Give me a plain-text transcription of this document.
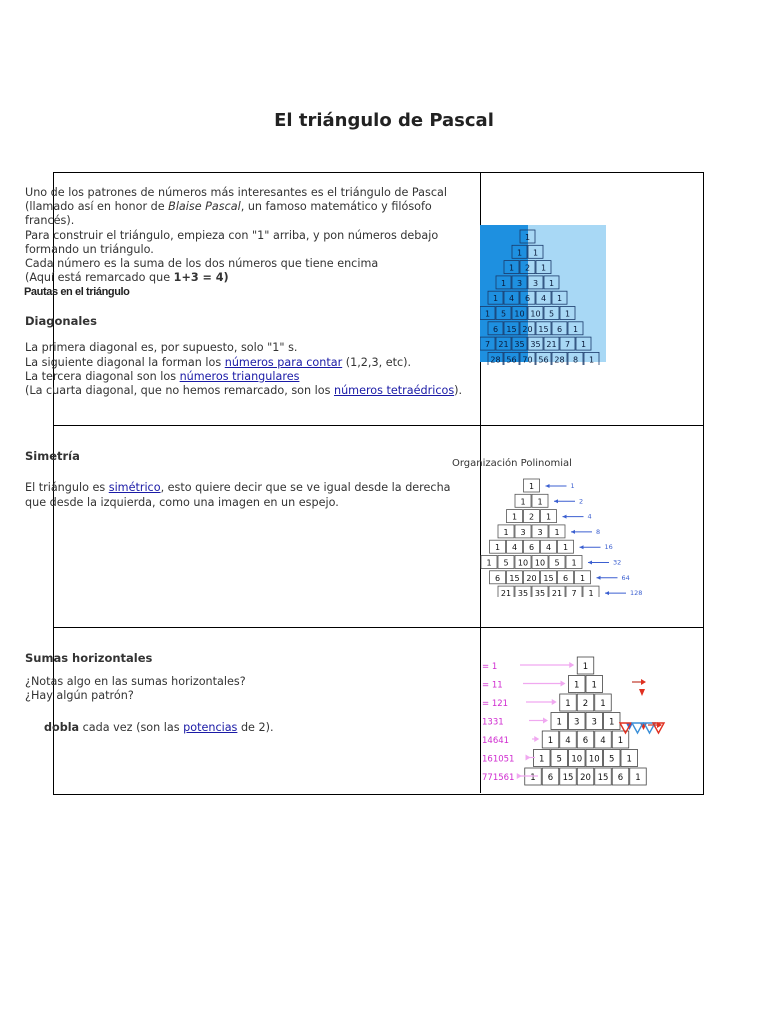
El triángulo de Pascal
Uno de los patrones de números más interesantes es el triángulo de Pascal
(llamado así en honor de Blaise Pascal, un famoso matemático y filósofo
francés).
Para construir el triángulo, empieza con "1" arriba, y pon números debajo
formando un triángulo.
Cada número es la suma de los dos números que tiene encima
(Aquí está remarcado que 1+3 = 4)
Pautas en el triángulo
Diagonales
La primera diagonal es, por supuesto, solo "1" s.
La siguiente diagonal la forman los números para contar (1,2,3, etc).
La tercera diagonal son los números triangulares
(La cuarta diagonal, que no hemos remarcado, son los números tetraédricos).
Simetría
El triángulo es simétrico, esto quiere decir que se ve igual desde la derecha
que desde la izquierda, como una imagen en un espejo.
Organización Polinomial
Sumas horizontales
¿Notas algo en las sumas horizontales?
¿Hay algún patrón?
dobla cada vez (son las potencias de 2).
1
1 1
1 2 1
1 3 3 1
1 4 6 4 1
1 5 10 10 5 1
6 15 20 15 6 1
7 21 35 35 21 7 1
28 56 70 56 28 8 1
1	1
1 1	2
1 2 1	4
1 3 3 1	8
1 4 6 4 1	16
1 5 10 10 5 1	32
6 15 20 15 6 1	64
21 35 35 21 7 1	128
1
= 1
1 1
= 11
1 2 1
= 121
1 3 3 1
1331
1 4 6 4 1
14641
1 5 10 10 5 1
161051
1 6 15 20 15 6 1
771561
